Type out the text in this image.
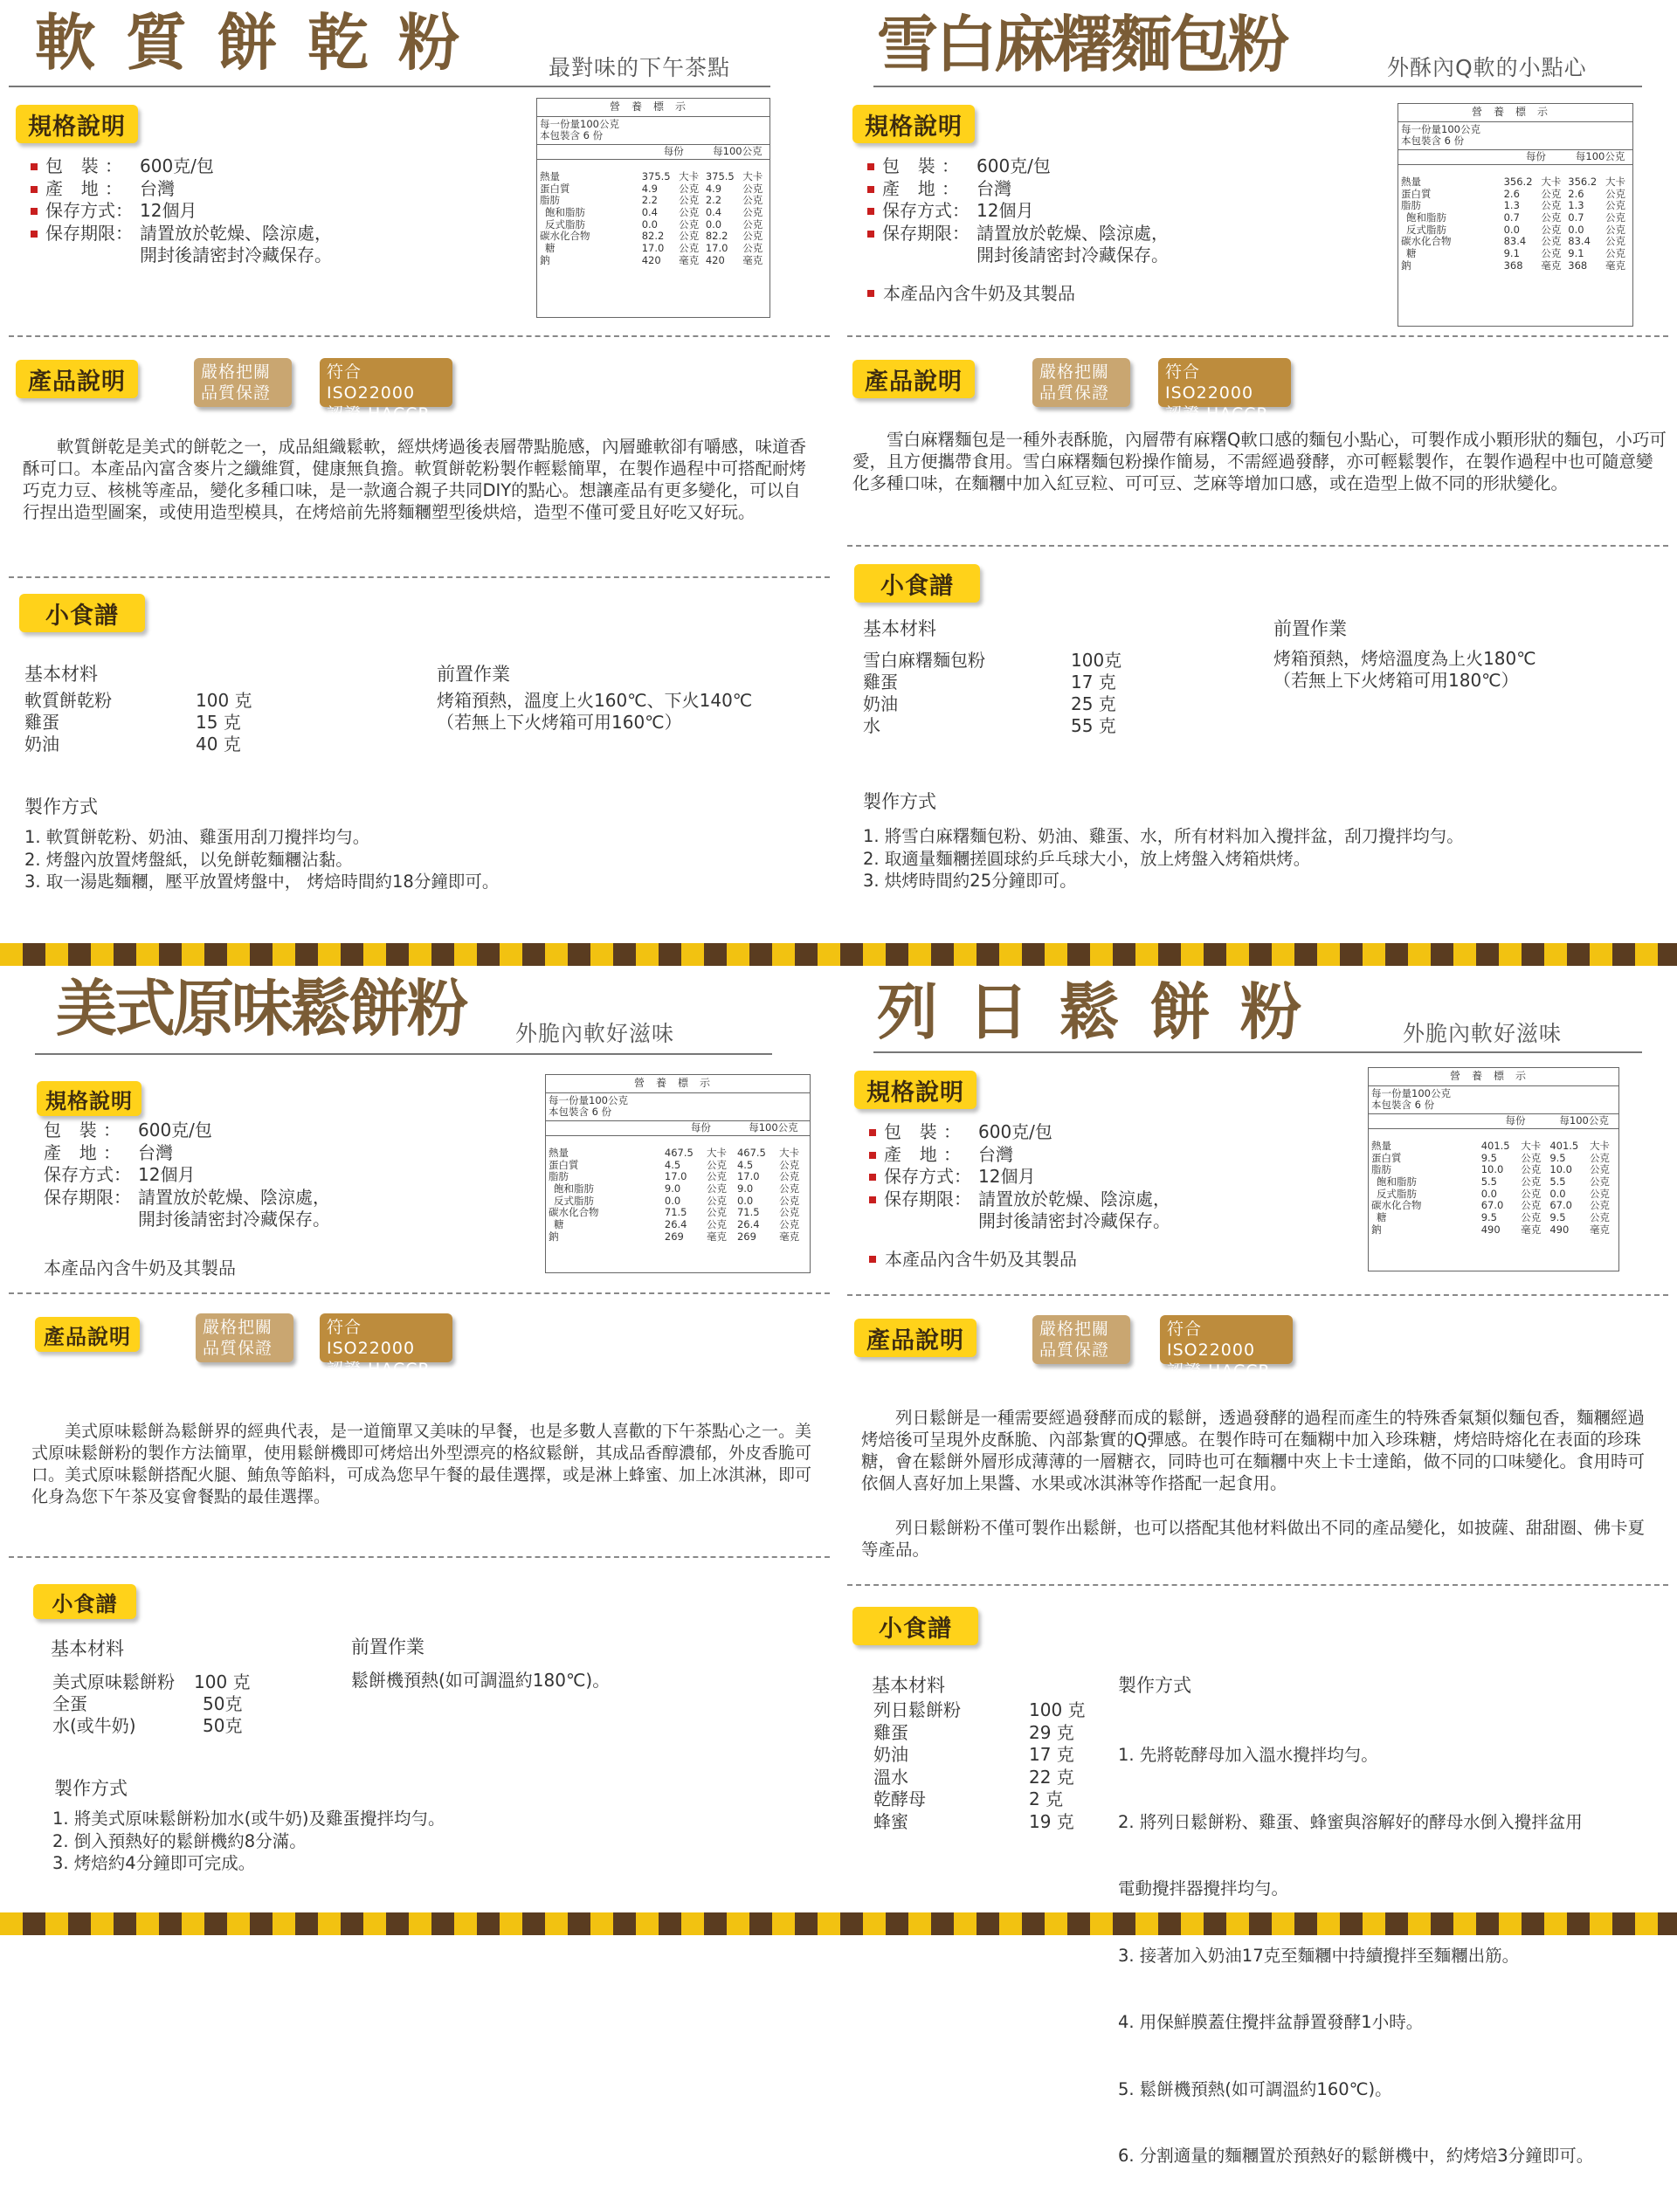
軟質餅乾粉	最對味的下午茶點
規格說明
包 裝： 600克/包
產 地： 台灣
保存方式： 12個月
保存期限： 請置放於乾燥、陰涼處，
開封後請密封冷藏保存。
營養標示
每一份量100公克
本包裝含 6 份
每份	每100公克
熱量	375.5 大卡 375.5 大卡
蛋白質	4.9	公克 4.9	公克
脂肪	2.2	公克 2.2	公克
飽和脂肪	0.4	公克 0.4	公克
反式脂肪	0.0	公克 0.0	公克
碳水化合物	82.2	公克 82.2	公克
糖	17.0	公克 17.0	公克
鈉	420	毫克 420	毫克
產品說明	嚴格把關
品質保證
符合 ISO22000
認證 HACCP

軟質餅乾是美式的餅乾之一，成品組織鬆軟，經烘烤過後表層帶點脆感，內層雖軟卻有嚼感，味道香酥可口。本產品內富含麥片之纖維質，健康無負擔。軟質餅乾粉製作輕鬆簡單，在製作過程中可搭配耐烤巧克力豆、核桃等產品，變化多種口味，是一款適合親子共同DIY的點心。想讓產品有更多變化，可以自行捏出造型圖案，或使用造型模具，在烤焙前先將麵糰塑型後烘焙，造型不僅可愛且好吃又好玩。

小食譜
基本材料
軟質餅乾粉	100 克
雞蛋	15 克
奶油	40 克
前置作業
烤箱預熱，溫度上火160℃、下火140℃
（若無上下火烤箱可用160℃）
製作方式
1. 軟質餅乾粉、奶油、雞蛋用刮刀攪拌均勻。
2. 烤盤內放置烤盤紙，以免餅乾麵糰沾黏。
3. 取一湯匙麵糰，壓平放置烤盤中， 烤焙時間約18分鐘即可。
雪白麻糬麵包粉	外酥內Q軟的小點心
規格說明
包 裝： 600克/包
產 地： 台灣
保存方式： 12個月
保存期限： 請置放於乾燥、陰涼處，
開封後請密封冷藏保存。
本產品內含牛奶及其製品
營養標示
每一份量100公克
本包裝含 6 份
每份	每100公克
熱量	356.2 大卡 356.2 大卡
蛋白質	2.6	公克 2.6	公克
脂肪	1.3	公克 1.3	公克
飽和脂肪	0.7	公克 0.7	公克
反式脂肪	0.0	公克 0.0	公克
碳水化合物	83.4	公克 83.4	公克
糖	9.1	公克 9.1	公克
鈉	368	毫克 368	毫克
產品說明	嚴格把關
品質保證
符合 ISO22000
認證 HACCP

雪白麻糬麵包是一種外表酥脆，內層帶有麻糬Q軟口感的麵包小點心，可製作成小顆形狀的麵包，小巧可愛，且方便攜帶食用。雪白麻糬麵包粉操作簡易，不需經過發酵，亦可輕鬆製作，在製作過程中也可隨意變化多種口味，在麵糰中加入紅豆粒、可可豆、芝麻等增加口感，或在造型上做不同的形狀變化。

小食譜
基本材料
雪白麻糬麵包粉	100克
雞蛋	17 克
奶油	25 克
水	55 克
前置作業
烤箱預熱，烤焙溫度為上火180℃
（若無上下火烤箱可用180℃）
製作方式
1. 將雪白麻糬麵包粉、奶油、雞蛋、水，所有材料加入攪拌盆，刮刀攪拌均勻。
2. 取適量麵糰搓圓球約乒乓球大小，放上烤盤入烤箱烘烤。
3. 烘烤時間約25分鐘即可。
美式原味鬆餅粉 外脆內軟好滋味
規格說明
包 裝： 600克/包
產 地： 台灣
保存方式： 12個月
保存期限： 請置放於乾燥、陰涼處，
開封後請密封冷藏保存。
本產品內含牛奶及其製品
營養標示
每一份量100公克
本包裝含 6 份
每份	每100公克
熱量	467.5	大卡	467.5	大卡
蛋白質	4.5	公克	4.5	公克
脂肪	17.0	公克	17.0	公克
飽和脂肪	9.0	公克	9.0	公克
反式脂肪	0.0	公克	0.0	公克
碳水化合物	71.5	公克	71.5	公克
糖	26.4	公克	26.4	公克
鈉	269	毫克	269	毫克
產品說明	嚴格把關
品質保證
符合 ISO22000
認證 HACCP

美式原味鬆餅為鬆餅界的經典代表，是一道簡單又美味的早餐，也是多數人喜歡的下午茶點心之一。美式原味鬆餅粉的製作方法簡單，使用鬆餅機即可烤焙出外型漂亮的格紋鬆餅，其成品香醇濃郁，外皮香脆可口。美式原味鬆餅搭配火腿、鮪魚等餡料，可成為您早午餐的最佳選擇，或是淋上蜂蜜、加上冰淇淋，即可化身為您下午茶及宴會餐點的最佳選擇。

小食譜
基本材料
美式原味鬆餅粉	100 克
全蛋	50克
水(或牛奶)	50克
前置作業
鬆餅機預熱(如可調溫約180℃)。
製作方式
1. 將美式原味鬆餅粉加水(或牛奶)及雞蛋攪拌均勻。
2. 倒入預熱好的鬆餅機約8分滿。
3. 烤焙約4分鐘即可完成。
列日鬆餅粉	外脆內軟好滋味
規格說明
包 裝： 600克/包
產 地： 台灣
保存方式： 12個月
保存期限： 請置放於乾燥、陰涼處，
開封後請密封冷藏保存。
本產品內含牛奶及其製品
營養標示
每一份量100公克
本包裝含 6 份
每份	每100公克
熱量	401.5	大卡 401.5	大卡
蛋白質	9.5	公克 9.5	公克
脂肪	10.0	公克 10.0	公克
飽和脂肪	5.5	公克 5.5	公克
反式脂肪	0.0	公克 0.0	公克
碳水化合物	67.0	公克 67.0	公克
糖	9.5	公克 9.5	公克
鈉	490	毫克 490	毫克
產品說明	嚴格把關
品質保證
符合 ISO22000
認證 HACCP

列日鬆餅是一種需要經過發酵而成的鬆餅，透過發酵的過程而產生的特殊香氣類似麵包香，麵糰經過烤焙後可呈現外皮酥脆、內部紮實的Q彈感。在製作時可在麵糊中加入珍珠糖，烤焙時熔化在表面的珍珠糖，會在鬆餅外層形成薄薄的一層糖衣，同時也可在麵糰中夾上卡士達餡，做不同的口味變化。食用時可依個人喜好加上果醬、水果或冰淇淋等作搭配一起食用。

列日鬆餅粉不僅可製作出鬆餅，也可以搭配其他材料做出不同的產品變化，如披薩、甜甜圈、佛卡夏等產品。

小食譜
基本材料
列日鬆餅粉	100 克
雞蛋	29 克
奶油	17 克
溫水	22 克
乾酵母	2 克
蜂蜜	19 克
製作方式

1. 先將乾酵母加入溫水攪拌均勻。

2. 將列日鬆餅粉、雞蛋、蜂蜜與溶解好的酵母水倒入攪拌盆用

電動攪拌器攪拌均勻。

3. 接著加入奶油17克至麵糰中持續攪拌至麵糰出筋。

4. 用保鮮膜蓋住攪拌盆靜置發酵1小時。

5. 鬆餅機預熱(如可調溫約160℃)。

6. 分割適量的麵糰置於預熱好的鬆餅機中，約烤焙3分鐘即可。
